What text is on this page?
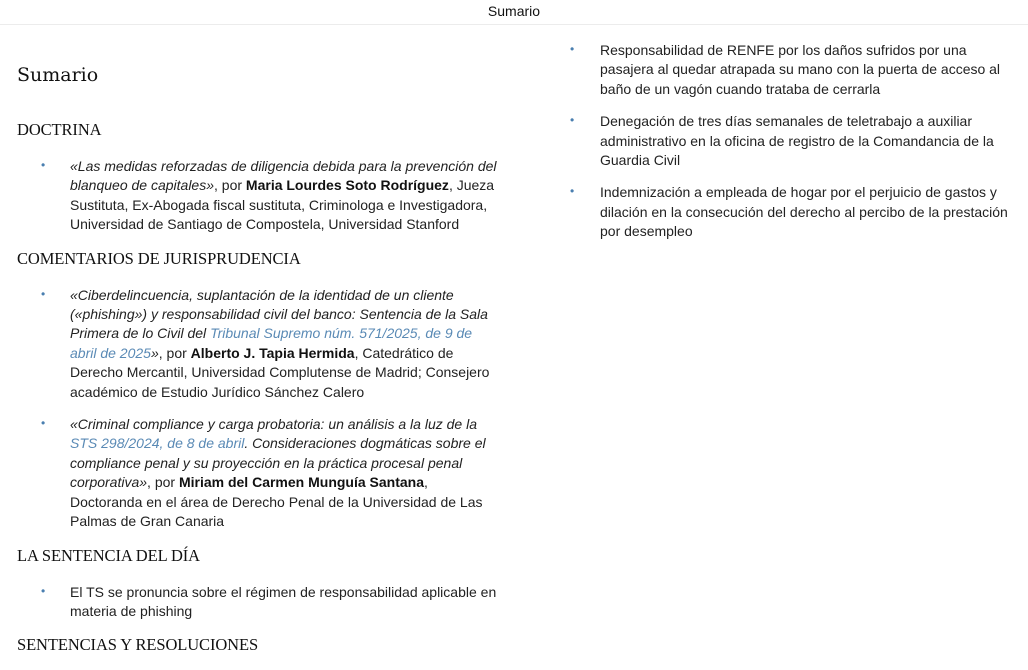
Sumario
Sumario
DOCTRINA
• «Las medidas reforzadas de diligencia debida para la prevención del blanqueo de capitales», por Maria Lourdes Soto Rodríguez, Jueza Sustituta, Ex-Abogada fiscal sustituta, Criminologa e Investigadora, Universidad de Santiago de Compostela, Universidad Stanford
COMENTARIOS DE JURISPRUDENCIA
• «Ciberdelincuencia, suplantación de la identidad de un cliente («phishing») y responsabilidad civil del banco: Sentencia de la Sala Primera de lo Civil del Tribunal Supremo núm. 571/2025, de 9 de abril de 2025», por Alberto J. Tapia Hermida, Catedrático de Derecho Mercantil, Universidad Complutense de Madrid; Consejero académico de Estudio Jurídico Sánchez Calero
• «Criminal compliance y carga probatoria: un análisis a la luz de la STS 298/2024, de 8 de abril. Consideraciones dogmáticas sobre el compliance penal y su proyección en la práctica procesal penal corporativa», por Miriam del Carmen Munguía Santana, Doctoranda en el área de Derecho Penal de la Universidad de Las Palmas de Gran Canaria
LA SENTENCIA DEL DÍA
• El TS se pronuncia sobre el régimen de responsabilidad aplicable en materia de phishing
SENTENCIAS Y RESOLUCIONES
• Responsabilidad de RENFE por los daños sufridos por una pasajera al quedar atrapada su mano con la puerta de acceso al baño de un vagón cuando trataba de cerrarla
• Denegación de tres días semanales de teletrabajo a auxiliar administrativo en la oficina de registro de la Comandancia de la Guardia Civil
• Indemnización a empleada de hogar por el perjuicio de gastos y dilación en la consecución del derecho al percibo de la prestación por desempleo
